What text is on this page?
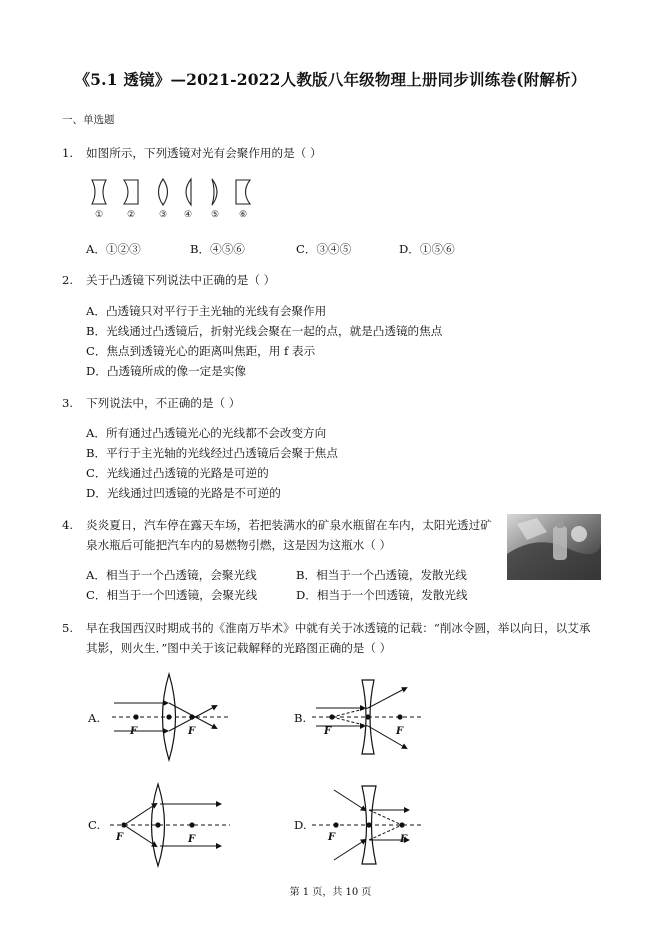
《5.1 透镜》—2021-2022人教版八年级物理上册同步训练卷(附解析）
一、单选题
1. 如图所示，下列透镜对光有会聚作用的是（ ）
①	②	③ ④ ⑤ ⑥
A．①②③	B．④⑤⑥	C．③④⑤	D．①⑤⑥
2. 关于凸透镜下列说法中正确的是（ ）
A．凸透镜只对平行于主光轴的光线有会聚作用
B．光线通过凸透镜后，折射光线会聚在一起的点，就是凸透镜的焦点
C．焦点到透镜光心的距离叫焦距，用 f 表示
D．凸透镜所成的像一定是实像
3. 下列说法中，不正确的是（ ）
A．所有通过凸透镜光心的光线都不会改变方向
B．平行于主光轴的光线经过凸透镜后会聚于焦点
C．光线通过凸透镜的光路是可逆的
D．光线通过凹透镜的光路是不可逆的
4. 炎炎夏日，汽车停在露天车场，若把装满水的矿泉水瓶留在车内，太阳光透过矿
泉水瓶后可能把汽车内的易燃物引燃，这是因为这瓶水（ ）
A．相当于一个凸透镜，会聚光线	B．相当于一个凸透镜，发散光线
C．相当于一个凹透镜，会聚光线	D．相当于一个凹透镜，发散光线
5. 早在我国西汉时期成书的《淮南万毕术》中就有关于冰透镜的记载：“削冰令圆，举以向日，以艾承
其影，则火生．”图中关于该记载解释的光路图正确的是（ ）
A.
F	F
B.
F	F
C.
F	F
D.
F	F
第 1 页，共 10 页
